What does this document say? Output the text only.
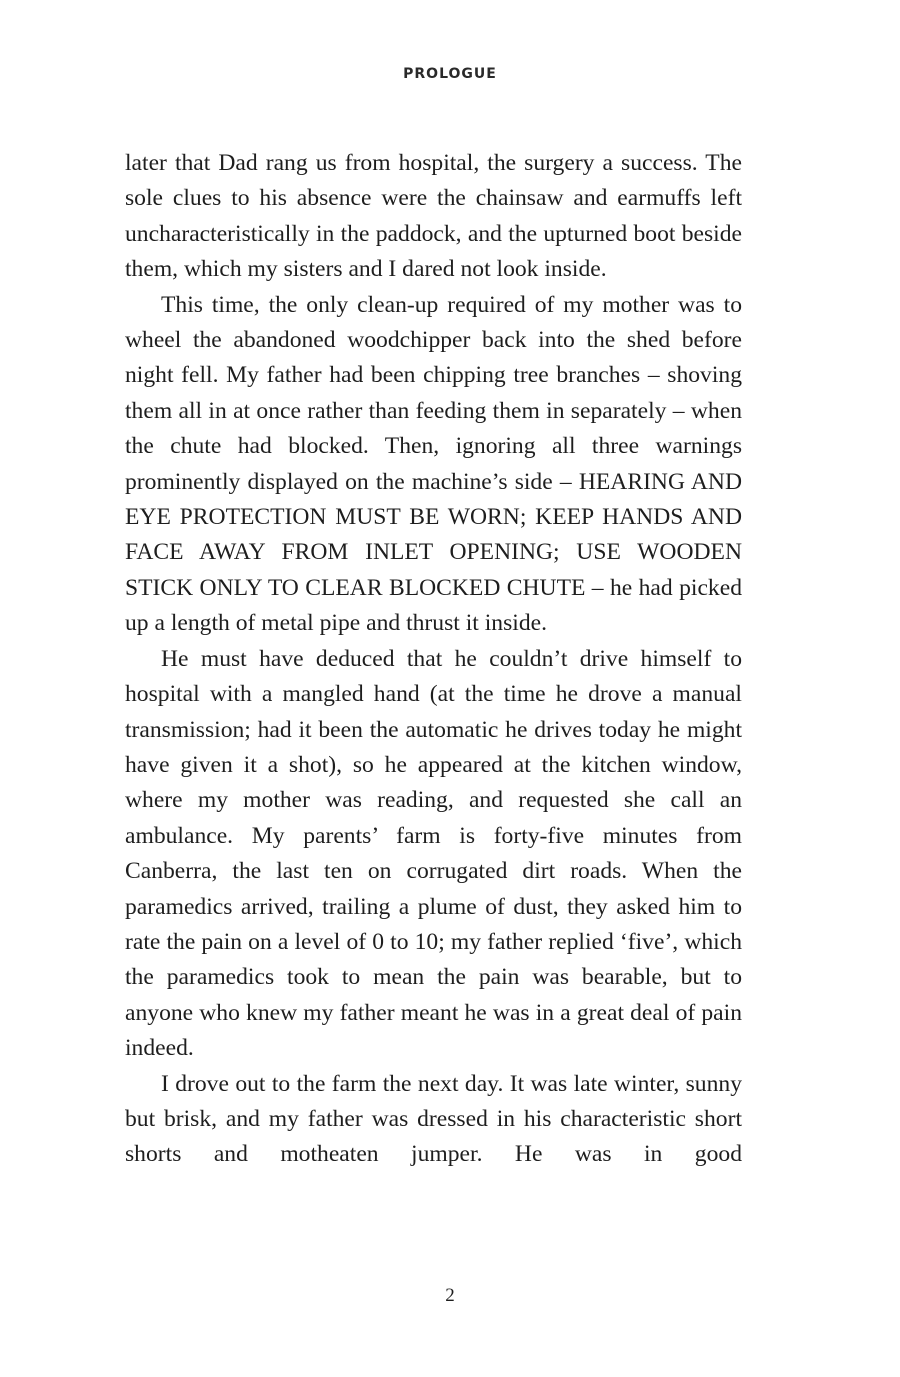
PROLOGUE

later that Dad rang us from hospital, the surgery a success. The sole clues to his absence were the chainsaw and earmuffs left uncharacteristically in the paddock, and the upturned boot beside them, which my sisters and I dared not look inside.

This time, the only clean-up required of my mother was to wheel the abandoned woodchipper back into the shed before night fell. My father had been chipping tree branches – shoving them all in at once rather than feeding them in separately – when the chute had blocked. Then, ignoring all three warnings prominently displayed on the machine’s side – HEARING AND EYE PROTECTION MUST BE WORN; KEEP HANDS AND FACE AWAY FROM INLET OPENING; USE WOODEN STICK ONLY TO CLEAR BLOCKED CHUTE – he had picked up a length of metal pipe and thrust it inside.

He must have deduced that he couldn’t drive himself to hospital with a mangled hand (at the time he drove a manual transmission; had it been the automatic he drives today he might have given it a shot), so he appeared at the kitchen window, where my mother was reading, and requested she call an ambulance. My parents’ farm is forty-five minutes from Canberra, the last ten on corrugated dirt roads. When the paramedics arrived, trailing a plume of dust, they asked him to rate the pain on a level of 0 to 10; my father replied ‘five’, which the paramedics took to mean the pain was bearable, but to anyone who knew my father meant he was in a great deal of pain indeed.

I drove out to the farm the next day. It was late winter, sunny but brisk, and my father was dressed in his characteristic short shorts and motheaten jumper. He was in good

2
